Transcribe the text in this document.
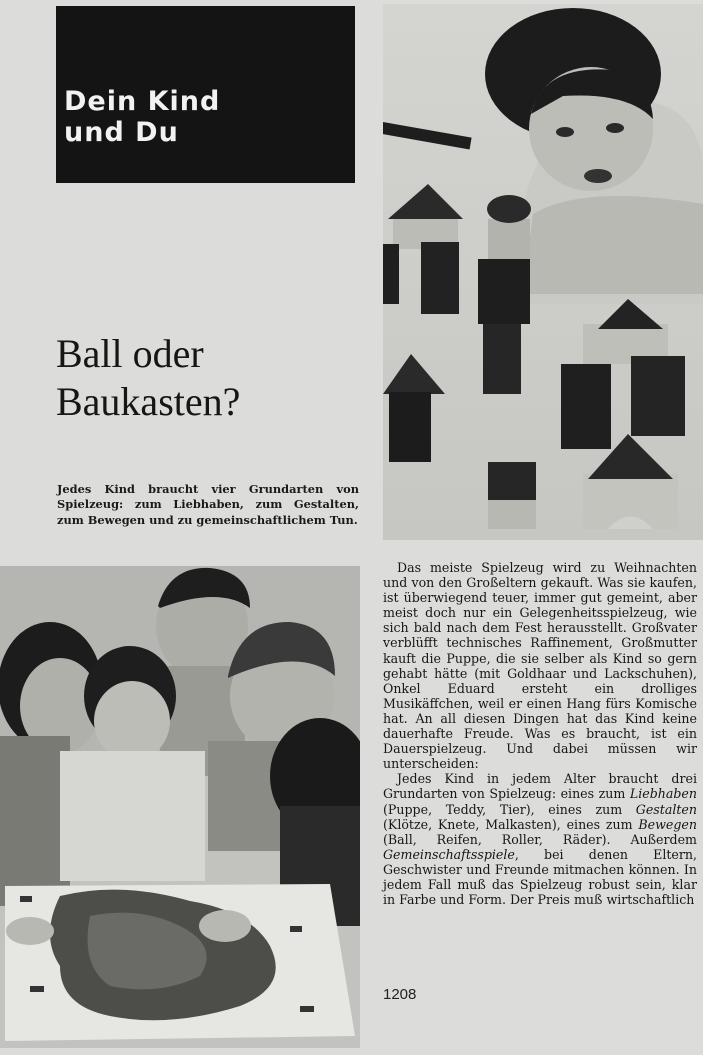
Dein Kind
und Du
Ball oder
Baukasten?
Jedes Kind braucht vier Grundarten von Spielzeug: zum Liebhaben, zum Gestalten, zum Bewegen und zu gemeinschaftlichem Tun.

Das meiste Spielzeug wird zu Weihnachten und von den Großeltern gekauft. Was sie kaufen, ist überwiegend teuer, immer gut gemeint, aber meist doch nur ein Gelegenheitsspielzeug, wie sich bald nach dem Fest herausstellt. Großvater verblüfft technisches Raffinement, Großmutter kauft die Puppe, die sie selber als Kind so gern gehabt hätte (mit Goldhaar und Lackschuhen), Onkel Eduard ersteht ein drolliges Musikäffchen, weil er einen Hang fürs Komische hat. An all diesen Dingen hat das Kind keine dauerhafte Freude. Was es braucht, ist ein Dauerspielzeug. Und dabei müssen wir unterscheiden:

Jedes Kind in jedem Alter braucht drei Grundarten von Spielzeug: eines zum Liebhaben (Puppe, Teddy, Tier), eines zum Gestalten (Klötze, Knete, Malkasten), eines zum Bewegen (Ball, Reifen, Roller, Räder). Außerdem Gemeinschaftsspiele, bei denen Eltern, Geschwister und Freunde mitmachen können. In jedem Fall muß das Spielzeug robust sein, klar in Farbe und Form. Der Preis muß wirtschaftlich

1208
